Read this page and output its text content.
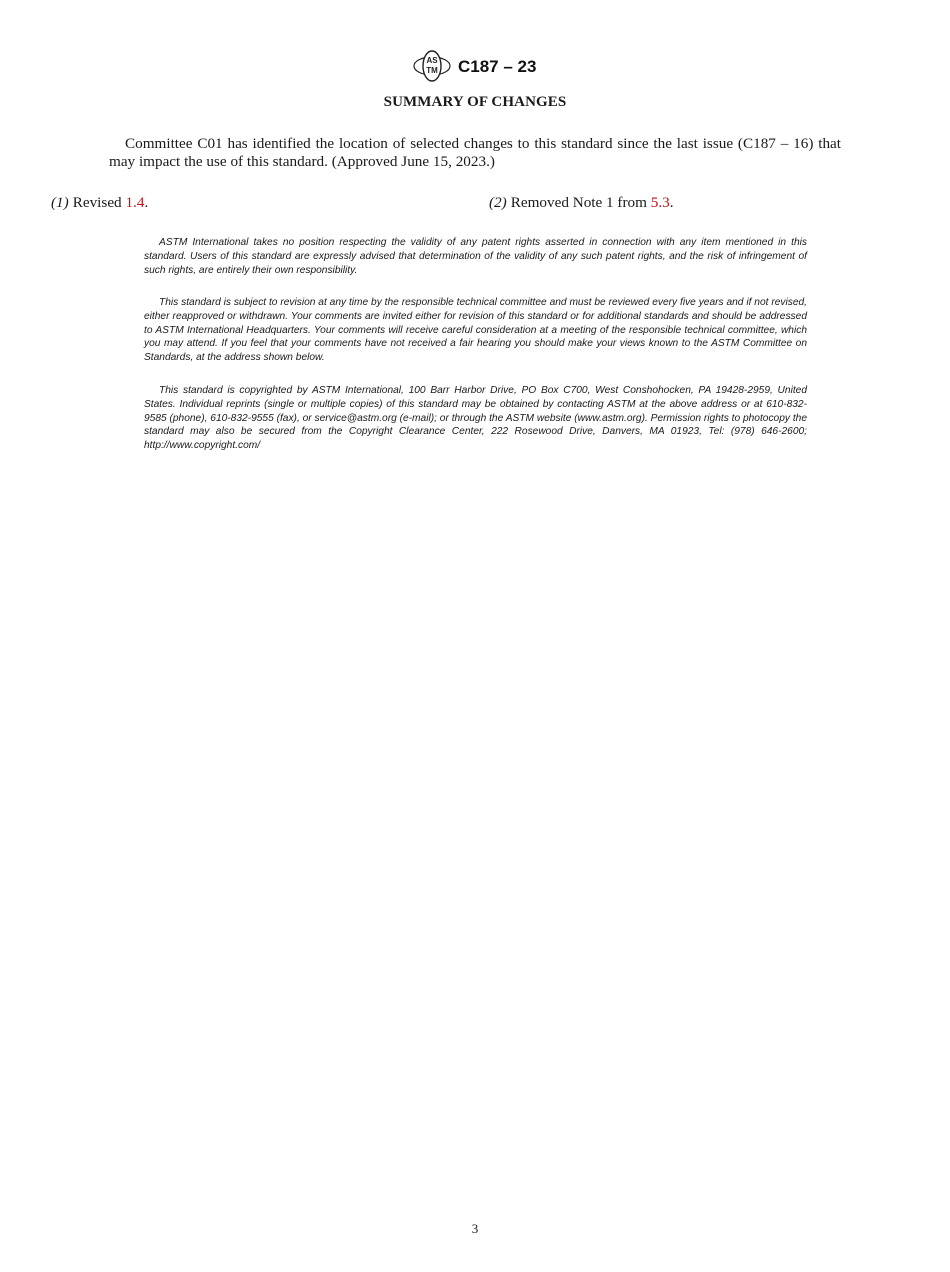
AS
TM C187 – 23
SUMMARY OF CHANGES

Committee C01 has identified the location of selected changes to this standard since the last issue (C187 – 16) that may impact the use of this standard. (Approved June 15, 2023.)

(1) Revised 1.4.	(2) Removed Note 1 from 5.3.

ASTM International takes no position respecting the validity of any patent rights asserted in connection with any item mentioned in this standard. Users of this standard are expressly advised that determination of the validity of any such patent rights, and the risk of infringement of such rights, are entirely their own responsibility.

This standard is subject to revision at any time by the responsible technical committee and must be reviewed every five years and if not revised, either reapproved or withdrawn. Your comments are invited either for revision of this standard or for additional standards and should be addressed to ASTM International Headquarters. Your comments will receive careful consideration at a meeting of the responsible technical committee, which you may attend. If you feel that your comments have not received a fair hearing you should make your views known to the ASTM Committee on Standards, at the address shown below.

This standard is copyrighted by ASTM International, 100 Barr Harbor Drive, PO Box C700, West Conshohocken, PA 19428-2959, United States. Individual reprints (single or multiple copies) of this standard may be obtained by contacting ASTM at the above address or at 610-832-9585 (phone), 610-832-9555 (fax), or service@astm.org (e-mail); or through the ASTM website (www.astm.org). Permission rights to photocopy the standard may also be secured from the Copyright Clearance Center, 222 Rosewood Drive, Danvers, MA 01923, Tel: (978) 646-2600; http://www.copyright.com/

3
